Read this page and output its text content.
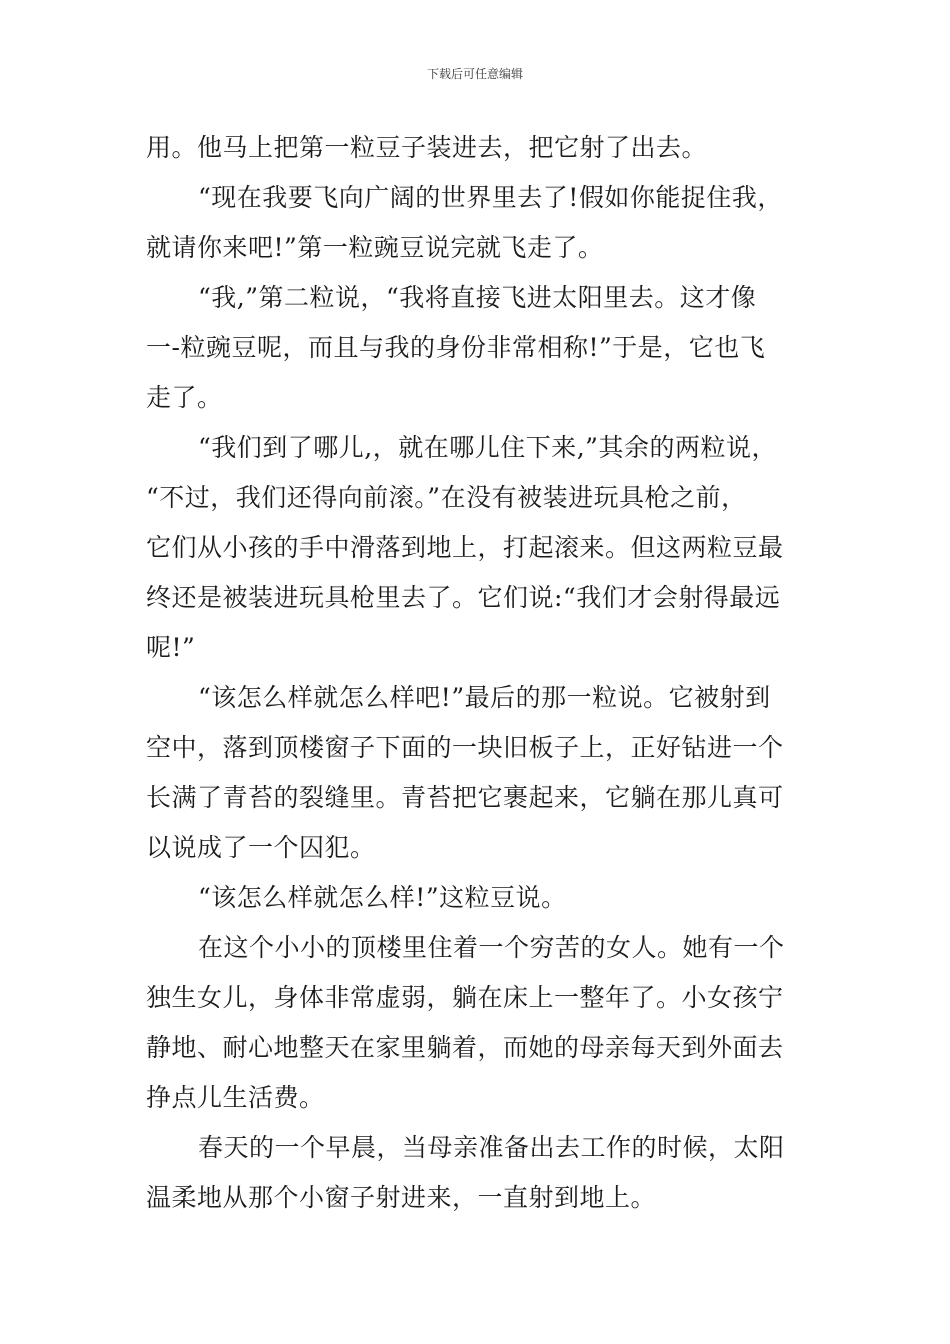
下载后可任意编辑
用。他马上把第一粒豆子装进去，把它射了出去。
“现在我要飞向广阔的世界里去了!假如你能捉住我，
就请你来吧!”第一粒豌豆说完就飞走了。
“我,”第二粒说，“我将直接飞进太阳里去。这才像
一-粒豌豆呢，而且与我的身份非常相称!”于是，它也飞
走了。
“我们到了哪儿,，就在哪儿住下来,”其余的两粒说，
“不过，我们还得向前滚。”在没有被装进玩具枪之前，
它们从小孩的手中滑落到地上，打起滚来。但这两粒豆最
终还是被装进玩具枪里去了。它们说:“我们才会射得最远
呢!”
“该怎么样就怎么样吧!”最后的那一粒说。它被射到
空中，落到顶楼窗子下面的一块旧板子上，正好钻进一个
长满了青苔的裂缝里。青苔把它裹起来，它躺在那儿真可
以说成了一个囚犯。
“该怎么样就怎么样!”这粒豆说。
在这个小小的顶楼里住着一个穷苦的女人。她有一个
独生女儿，身体非常虚弱，躺在床上一整年了。小女孩宁
静地、耐心地整天在家里躺着，而她的母亲每天到外面去
挣点儿生活费。
春天的一个早晨，当母亲准备出去工作的时候，太阳
温柔地从那个小窗子射进来，一直射到地上。
